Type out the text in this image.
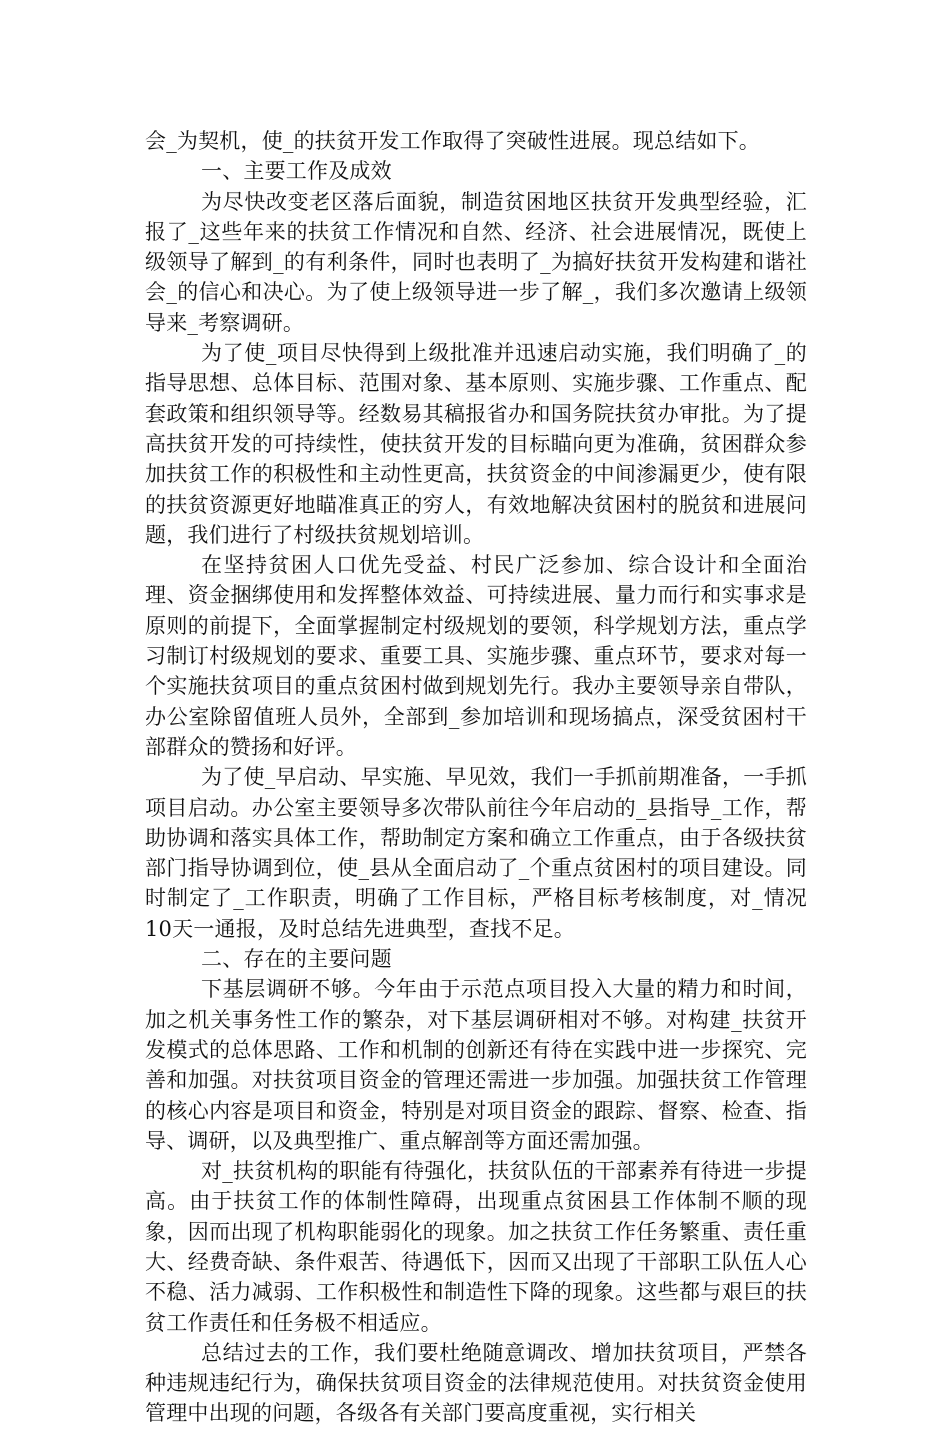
会_为契机，使_的扶贫开发工作取得了突破性进展。现总结如下。

一、主要工作及成效

为尽快改变老区落后面貌，制造贫困地区扶贫开发典型经验，汇报了_这些年来的扶贫工作情况和自然、经济、社会进展情况，既使上级领导了解到_的有利条件，同时也表明了_为搞好扶贫开发构建和谐社会_的信心和决心。为了使上级领导进一步了解_，我们多次邀请上级领导来_考察调研。

为了使_项目尽快得到上级批准并迅速启动实施，我们明确了_的指导思想、总体目标、范围对象、基本原则、实施步骤、工作重点、配套政策和组织领导等。经数易其稿报省办和国务院扶贫办审批。为了提高扶贫开发的可持续性，使扶贫开发的目标瞄向更为准确，贫困群众参加扶贫工作的积极性和主动性更高，扶贫资金的中间渗漏更少，使有限的扶贫资源更好地瞄准真正的穷人，有效地解决贫困村的脱贫和进展问题，我们进行了村级扶贫规划培训。

在坚持贫困人口优先受益、村民广泛参加、综合设计和全面治理、资金捆绑使用和发挥整体效益、可持续进展、量力而行和实事求是原则的前提下，全面掌握制定村级规划的要领，科学规划方法，重点学习制订村级规划的要求、重要工具、实施步骤、重点环节，要求对每一个实施扶贫项目的重点贫困村做到规划先行。我办主要领导亲自带队，办公室除留值班人员外，全部到_参加培训和现场搞点，深受贫困村干部群众的赞扬和好评。

为了使_早启动、早实施、早见效，我们一手抓前期准备，一手抓项目启动。办公室主要领导多次带队前往今年启动的_县指导_工作，帮助协调和落实具体工作，帮助制定方案和确立工作重点，由于各级扶贫部门指导协调到位，使_县从全面启动了_个重点贫困村的项目建设。同时制定了_工作职责，明确了工作目标，严格目标考核制度，对_情况10天一通报，及时总结先进典型，查找不足。

二、存在的主要问题

下基层调研不够。今年由于示范点项目投入大量的精力和时间，加之机关事务性工作的繁杂，对下基层调研相对不够。对构建_扶贫开发模式的总体思路、工作和机制的创新还有待在实践中进一步探究、完善和加强。对扶贫项目资金的管理还需进一步加强。加强扶贫工作管理的核心内容是项目和资金，特别是对项目资金的跟踪、督察、检查、指导、调研，以及典型推广、重点解剖等方面还需加强。

对_扶贫机构的职能有待强化，扶贫队伍的干部素养有待进一步提高。由于扶贫工作的体制性障碍，出现重点贫困县工作体制不顺的现象，因而出现了机构职能弱化的现象。加之扶贫工作任务繁重、责任重大、经费奇缺、条件艰苦、待遇低下，因而又出现了干部职工队伍人心不稳、活力减弱、工作积极性和制造性下降的现象。这些都与艰巨的扶贫工作责任和任务极不相适应。

总结过去的工作，我们要杜绝随意调改、增加扶贫项目，严禁各种违规违纪行为，确保扶贫项目资金的法律规范使用。对扶贫资金使用管理中出现的问题，各级各有关部门要高度重视，实行相关
